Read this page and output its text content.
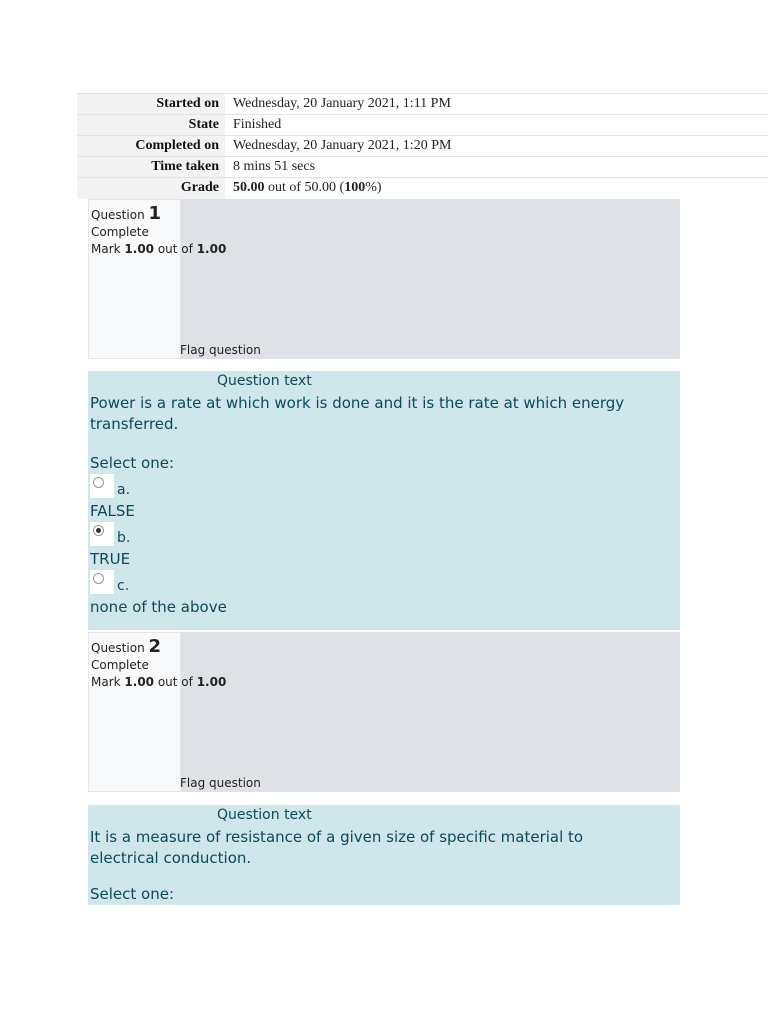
Started on	Wednesday, 20 January 2021, 1:11 PM
State	Finished
Completed on	Wednesday, 20 January 2021, 1:20 PM
Time taken	8 mins 51 secs
Grade	50.00 out of 50.00 (100%)
Question 1
Complete
Mark 1.00 out of 1.00
Flag question
Question text
Power is a rate at which work is done and it is the rate at which energy transferred.
Select one:
a.
FALSE
b.
TRUE
c.
none of the above
Question 2
Complete
Mark 1.00 out of 1.00
Flag question
Question text
It is a measure of resistance of a given size of specific material to electrical conduction.
Select one:
